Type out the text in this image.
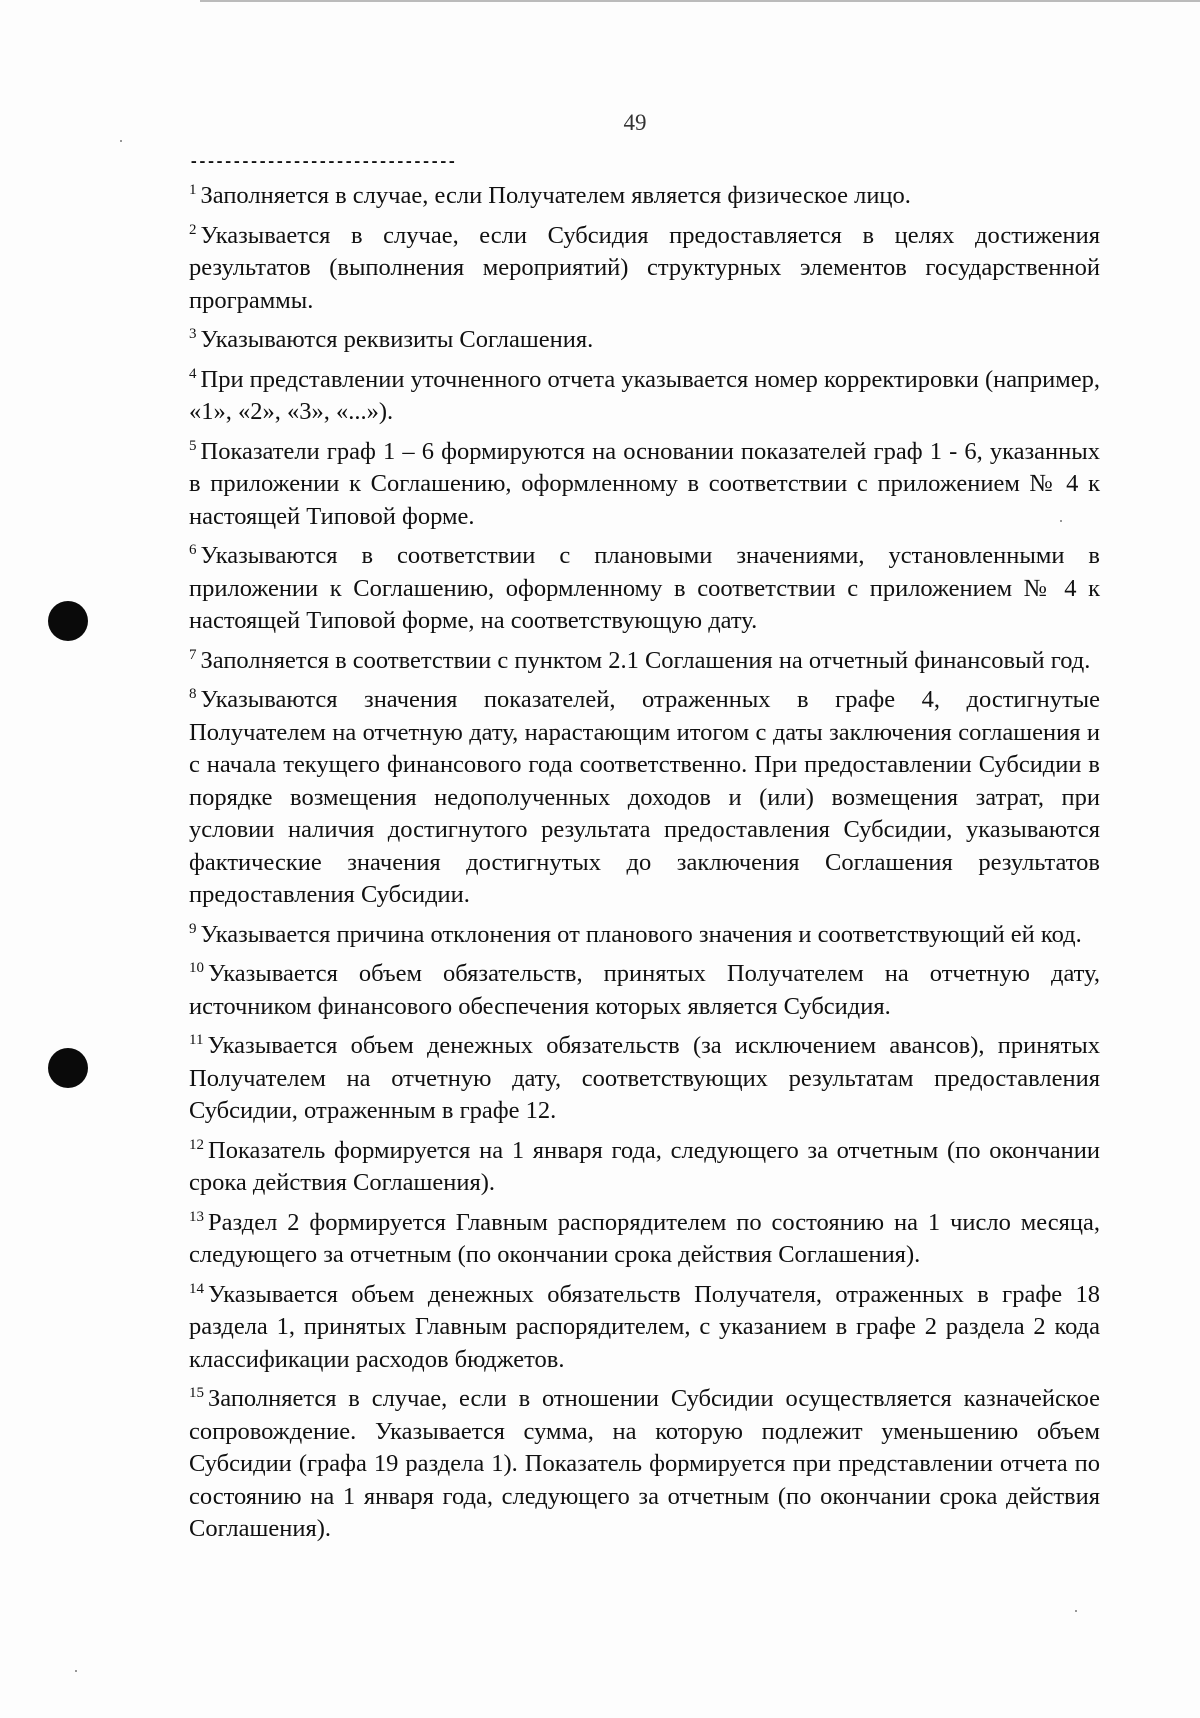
49
-------------------------------

$^1$ Заполняется в случае, если Получателем является физическое лицо.

$^2$ Указывается в случае, если Субсидия предоставляется в целях достижения результатов (выполнения мероприятий) структурных элементов государственной программы.

$^3$ Указываются реквизиты Соглашения.

$^4$ При представлении уточненного отчета указывается номер корректировки (например, «1», «2», «3», «...»).

$^5$ Показатели граф 1 – 6 формируются на основании показателей граф 1 - 6, указанных в приложении к Соглашению, оформленному в соответствии с приложением № 4 к настоящей Типовой форме.

$^6$ Указываются в соответствии с плановыми значениями, установленными в приложении к Соглашению, оформленному в соответствии с приложением № 4 к настоящей Типовой форме, на соответствующую дату.

$^7$ Заполняется в соответствии с пунктом 2.1 Соглашения на отчетный финансовый год.

$^8$ Указываются значения показателей, отраженных в графе 4, достигнутые Получателем на отчетную дату, нарастающим итогом с даты заключения соглашения и с начала текущего финансового года соответственно. При предоставлении Субсидии в порядке возмещения недополученных доходов и (или) возмещения затрат, при условии наличия достигнутого результата предоставления Субсидии, указываются фактические значения достигнутых до заключения Соглашения результатов предоставления Субсидии.

$^9$ Указывается причина отклонения от планового значения и соответствующий ей код.

$^{10}$ Указывается объем обязательств, принятых Получателем на отчетную дату, источником финансового обеспечения которых является Субсидия.

$^{11}$ Указывается объем денежных обязательств (за исключением авансов), принятых Получателем на отчетную дату, соответствующих результатам предоставления Субсидии, отраженным в графе 12.

$^{12}$ Показатель формируется на 1 января года, следующего за отчетным (по окончании срока действия Соглашения).

$^{13}$ Раздел 2 формируется Главным распорядителем по состоянию на 1 число месяца, следующего за отчетным (по окончании срока действия Соглашения).

$^{14}$ Указывается объем денежных обязательств Получателя, отраженных в графе 18 раздела 1, принятых Главным распорядителем, с указанием в графе 2 раздела 2 кода классификации расходов бюджетов.

$^{15}$ Заполняется в случае, если в отношении Субсидии осуществляется казначейское сопровождение. Указывается сумма, на которую подлежит уменьшению объем Субсидии (графа 19 раздела 1). Показатель формируется при представлении отчета по состоянию на 1 января года, следующего за отчетным (по окончании срока действия Соглашения).
